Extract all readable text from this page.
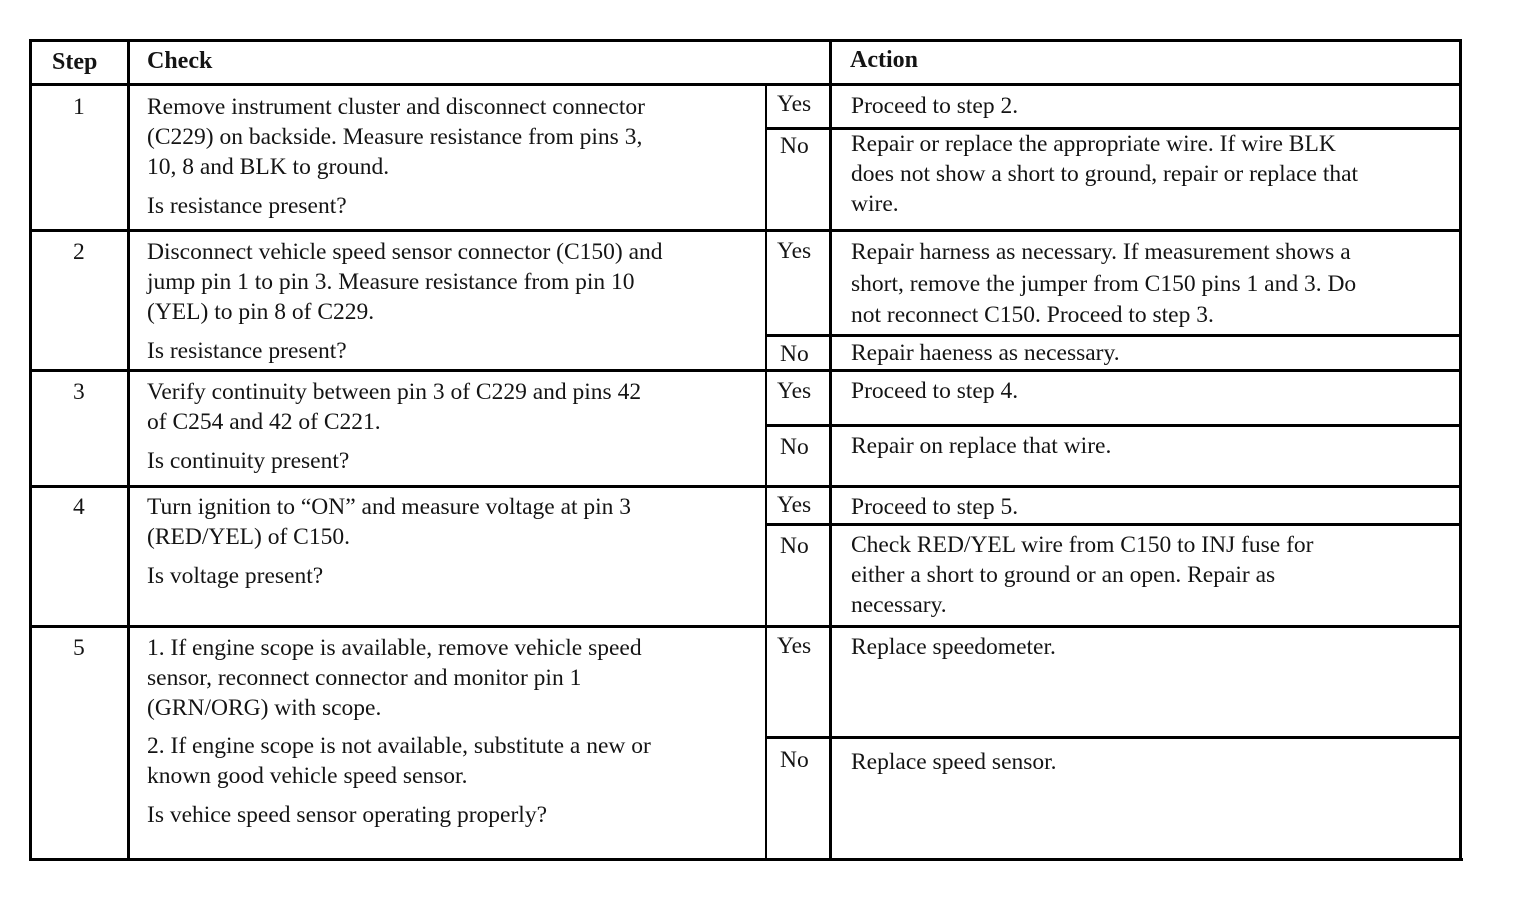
Step Check	Action
1	Remove instrument cluster and disconnect connector
(C229) on backside. Measure resistance from pins 3,
10, 8 and BLK to ground.
Is resistance present?
Yes Proceed to step 2.
No Repair or replace the appropriate wire. If wire BLK
does not show a short to ground, repair or replace that
wire.
2	Disconnect vehicle speed sensor connector (C150) and
jump pin 1 to pin 3. Measure resistance from pin 10
(YEL) to pin 8 of C229.
Is resistance present?
Yes Repair harness as necessary. If measurement shows a
short, remove the jumper from C150 pins 1 and 3. Do
not reconnect C150. Proceed to step 3.
No Repair haeness as necessary.
3	Verify continuity between pin 3 of C229 and pins 42
of C254 and 42 of C221.
Is continuity present?
Yes Proceed to step 4.
No Repair on replace that wire.
4	Turn ignition to “ON” and measure voltage at pin 3
(RED/YEL) of C150.
Is voltage present?
Yes Proceed to step 5.
No Check RED/YEL wire from C150 to INJ fuse for
either a short to ground or an open. Repair as
necessary.
5	1. If engine scope is available, remove vehicle speed
sensor, reconnect connector and monitor pin 1
(GRN/ORG) with scope.
2. If engine scope is not available, substitute a new or
known good vehicle speed sensor.
Is vehice speed sensor operating properly?
Yes Replace speedometer.
No Replace speed sensor.
